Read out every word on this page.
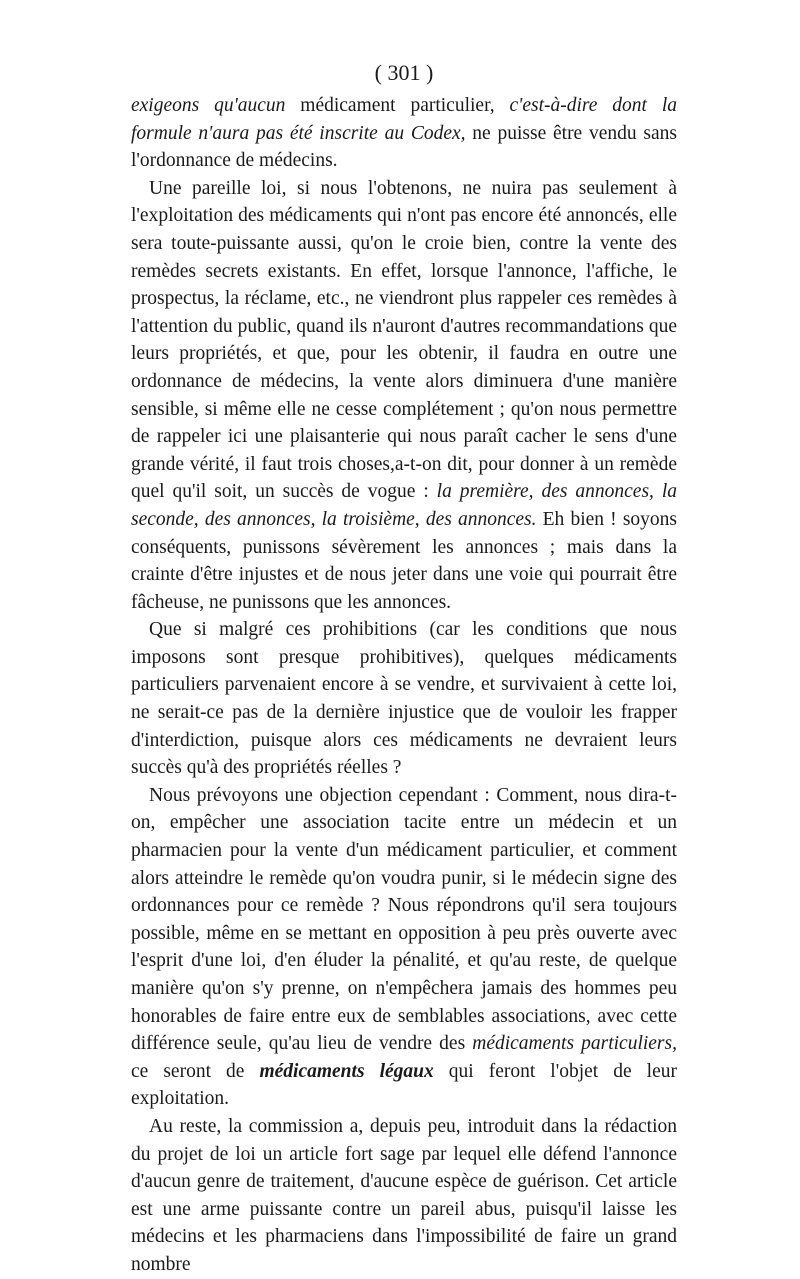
( 301 )

exigeons qu'aucun médicament particulier, c'est-à-dire dont la formule n'aura pas été inscrite au Codex, ne puisse être vendu sans l'ordonnance de médecins.

Une pareille loi, si nous l'obtenons, ne nuira pas seulement à l'exploitation des médicaments qui n'ont pas encore été annoncés, elle sera toute-puissante aussi, qu'on le croie bien, contre la vente des remèdes secrets existants. En effet, lorsque l'annonce, l'affiche, le prospectus, la réclame, etc., ne viendront plus rappeler ces remèdes à l'attention du public, quand ils n'auront d'autres recommandations que leurs propriétés, et que, pour les obtenir, il faudra en outre une ordonnance de médecins, la vente alors diminuera d'une manière sensible, si même elle ne cesse complétement ; qu'on nous permettre de rappeler ici une plaisanterie qui nous paraît cacher le sens d'une grande vérité, il faut trois choses,a-t-on dit, pour donner à un remède quel qu'il soit, un succès de vogue : la première, des annonces, la seconde, des annonces, la troisième, des annonces. Eh bien ! soyons conséquents, punissons sévèrement les annonces ; mais dans la crainte d'être injustes et de nous jeter dans une voie qui pourrait être fâcheuse, ne punissons que les annonces.

Que si malgré ces prohibitions (car les conditions que nous imposons sont presque prohibitives), quelques médicaments particuliers parvenaient encore à se vendre, et survivaient à cette loi, ne serait-ce pas de la dernière injustice que de vouloir les frapper d'interdiction, puisque alors ces médicaments ne devraient leurs succès qu'à des propriétés réelles ?

Nous prévoyons une objection cependant : Comment, nous dira-t-on, empêcher une association tacite entre un médecin et un pharmacien pour la vente d'un médicament particulier, et comment alors atteindre le remède qu'on voudra punir, si le médecin signe des ordonnances pour ce remède ? Nous répondrons qu'il sera toujours possible, même en se mettant en opposition à peu près ouverte avec l'esprit d'une loi, d'en éluder la pénalité, et qu'au reste, de quelque manière qu'on s'y prenne, on n'empêchera jamais des hommes peu honorables de faire entre eux de semblables associations, avec cette différence seule, qu'au lieu de vendre des médicaments particuliers, ce seront de médicaments légaux qui feront l'objet de leur exploitation.

Au reste, la commission a, depuis peu, introduit dans la rédaction du projet de loi un article fort sage par lequel elle défend l'annonce d'aucun genre de traitement, d'aucune espèce de guérison. Cet article est une arme puissante contre un pareil abus, puisqu'il laisse les médecins et les pharmaciens dans l'impossibilité de faire un grand nombre
